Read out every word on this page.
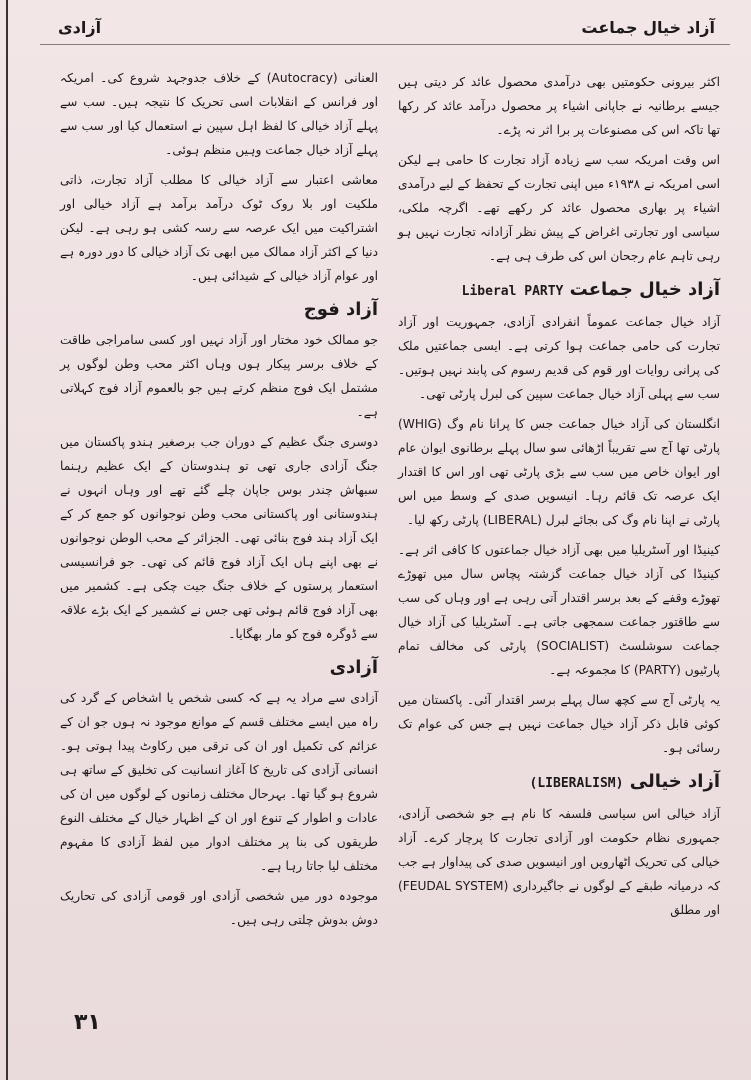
آزاد خیال جماعت
آزادی

اکثر بیرونی حکومتیں بھی درآمدی محصول عائد کر دیتی ہیں جیسے برطانیہ نے جاپانی اشیاء پر محصول درآمد عائد کر رکھا تھا تاکہ اس کی مصنوعات پر برا اثر نہ پڑے۔

اس وقت امریکہ سب سے زیادہ آزاد تجارت کا حامی ہے لیکن اسی امریکہ نے ۱۹۳۸ء میں اپنی تجارت کے تحفظ کے لیے درآمدی اشیاء پر بھاری محصول عائد کر رکھے تھے۔ اگرچہ ملکی، سیاسی اور تجارتی اغراض کے پیش نظر آزادانہ تجارت نہیں ہو رہی تاہم عام رجحان اس کی طرف ہی ہے۔

آزاد خیال جماعت Liberal PARTY

آزاد خیال جماعت عموماً انفرادی آزادی، جمہوریت اور آزاد تجارت کی حامی جماعت ہوا کرتی ہے۔ ایسی جماعتیں ملک کی پرانی روایات اور قوم کی قدیم رسوم کی پابند نہیں ہوتیں۔ سب سے پہلی آزاد خیال جماعت سپین کی لبرل پارٹی تھی۔

انگلستان کی آزاد خیال جماعت جس کا پرانا نام وگ (WHIG) پارٹی تھا آج سے تقریباً اڑھائی سو سال پہلے برطانوی ایوان عام اور ایوان خاص میں سب سے بڑی پارٹی تھی اور اس کا اقتدار ایک عرصہ تک قائم رہا۔ انیسویں صدی کے وسط میں اس پارٹی نے اپنا نام وگ کی بجائے لبرل (LIBERAL) پارٹی رکھ لیا۔

کینیڈا اور آسٹریلیا میں بھی آزاد خیال جماعتوں کا کافی اثر ہے۔ کینیڈا کی آزاد خیال جماعت گزشتہ پچاس سال میں تھوڑے تھوڑے وقفے کے بعد برسر اقتدار آتی رہی ہے اور وہاں کی سب سے طاقتور جماعت سمجھی جاتی ہے۔ آسٹریلیا کی آزاد خیال جماعت سوشلسٹ (SOCIALIST) پارٹی کی مخالف تمام پارٹیوں (PARTY) کا مجموعہ ہے۔

یہ پارٹی آج سے کچھ سال پہلے برسر اقتدار آئی۔ پاکستان میں کوئی قابل ذکر آزاد خیال جماعت نہیں ہے جس کی عوام تک رسائی ہو۔

آزاد خیالی (LIBERALISM)

آزاد خیالی اس سیاسی فلسفہ کا نام ہے جو شخصی آزادی، جمہوری نظام حکومت اور آزادی تجارت کا پرچار کرے۔ آزاد خیالی کی تحریک اٹھارویں اور انیسویں صدی کی پیداوار ہے جب کہ درمیانہ طبقے کے لوگوں نے جاگیرداری (FEUDAL SYSTEM) اور مطلق

العنانی (Autocracy) کے خلاف جدوجہد شروع کی۔ امریکہ اور فرانس کے انقلابات اسی تحریک کا نتیجہ ہیں۔ سب سے پہلے آزاد خیالی کا لفظ اہل سپین نے استعمال کیا اور سب سے پہلے آزاد خیال جماعت وہیں منظم ہوئی۔

معاشی اعتبار سے آزاد خیالی کا مطلب آزاد تجارت، ذاتی ملکیت اور بلا روک ٹوک درآمد برآمد ہے آزاد خیالی اور اشتراکیت میں ایک عرصہ سے رسہ کشی ہو رہی ہے۔ لیکن دنیا کے اکثر آزاد ممالک میں ابھی تک آزاد خیالی کا دور دورہ ہے اور عوام آزاد خیالی کے شیدائی ہیں۔

آزاد فوج

جو ممالک خود مختار اور آزاد نہیں اور کسی سامراجی طاقت کے خلاف برسر پیکار ہوں وہاں اکثر محب وطن لوگوں پر مشتمل ایک فوج منظم کرتے ہیں جو بالعموم آزاد فوج کہلاتی ہے۔

دوسری جنگ عظیم کے دوران جب برصغیر ہندو پاکستان میں جنگ آزادی جاری تھی تو ہندوستان کے ایک عظیم رہنما سبھاش چندر بوس جاپان چلے گئے تھے اور وہاں انہوں نے ہندوستانی اور پاکستانی محب وطن نوجوانوں کو جمع کر کے ایک آزاد ہند فوج بنائی تھی۔ الجزائر کے محب الوطن نوجوانوں نے بھی اپنے ہاں ایک آزاد فوج قائم کی تھی۔ جو فرانسیسی استعمار پرستوں کے خلاف جنگ جیت چکی ہے۔ کشمیر میں بھی آزاد فوج قائم ہوئی تھی جس نے کشمیر کے ایک بڑے علاقہ سے ڈوگرہ فوج کو مار بھگایا۔

آزادی

آزادی سے مراد یہ ہے کہ کسی شخص یا اشخاص کے گرد کی راہ میں ایسے مختلف قسم کے موانع موجود نہ ہوں جو ان کے عزائم کی تکمیل اور ان کی ترقی میں رکاوٹ پیدا ہوتی ہو۔ انسانی آزادی کی تاریخ کا آغاز انسانیت کی تخلیق کے ساتھ ہی شروع ہو گیا تھا۔ بہرحال مختلف زمانوں کے لوگوں میں ان کی عادات و اطوار کے تنوع اور ان کے اظہار خیال کے مختلف النوع طریقوں کی بنا پر مختلف ادوار میں لفظ آزادی کا مفہوم مختلف لیا جاتا رہا ہے۔

موجودہ دور میں شخصی آزادی اور قومی آزادی کی تحاریک دوش بدوش چلتی رہی ہیں۔

۳۱
